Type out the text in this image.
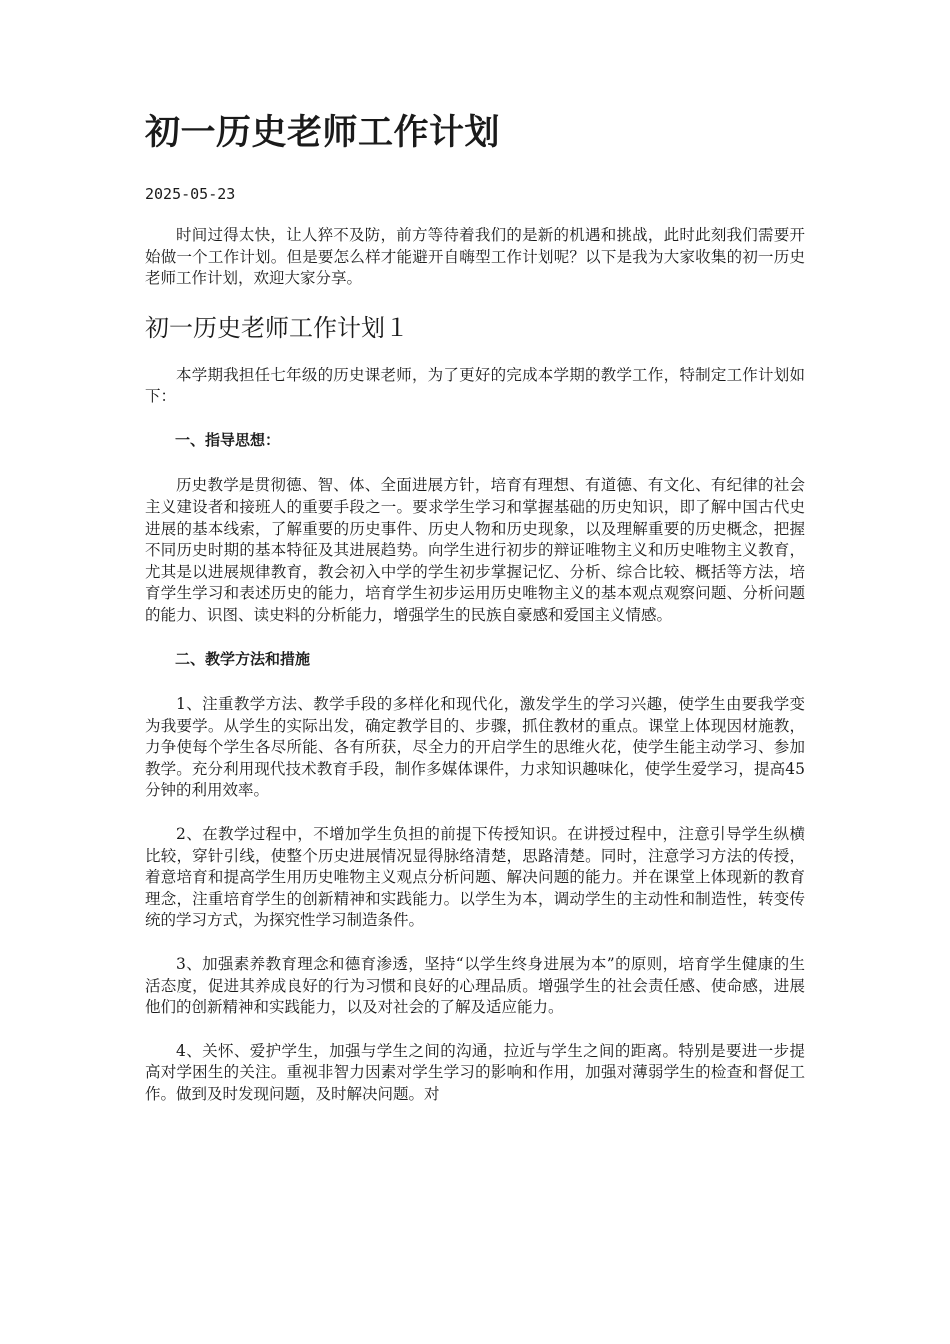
初一历史老师工作计划
2025-05-23

时间过得太快，让人猝不及防，前方等待着我们的是新的机遇和挑战，此时此刻我们需要开始做一个工作计划。但是要怎么样才能避开自嗨型工作计划呢？以下是我为大家收集的初一历史老师工作计划，欢迎大家分享。

初一历史老师工作计划１

本学期我担任七年级的历史课老师，为了更好的完成本学期的教学工作，特制定工作计划如下：

一、指导思想：

历史教学是贯彻德、智、体、全面进展方针，培育有理想、有道德、有文化、有纪律的社会主义建设者和接班人的重要手段之一。要求学生学习和掌握基础的历史知识，即了解中国古代史进展的基本线索，了解重要的历史事件、历史人物和历史现象，以及理解重要的历史概念，把握不同历史时期的基本特征及其进展趋势。向学生进行初步的辩证唯物主义和历史唯物主义教育，尤其是以进展规律教育，教会初入中学的学生初步掌握记忆、分析、综合比较、概括等方法，培育学生学习和表述历史的能力，培育学生初步运用历史唯物主义的基本观点观察问题、分析问题的能力、识图、读史料的分析能力，增强学生的民族自豪感和爱国主义情感。

二、教学方法和措施

1、注重教学方法、教学手段的多样化和现代化，激发学生的学习兴趣，使学生由要我学变为我要学。从学生的实际出发，确定教学目的、步骤，抓住教材的重点。课堂上体现因材施教，力争使每个学生各尽所能、各有所获，尽全力的开启学生的思维火花，使学生能主动学习、参加教学。充分利用现代技术教育手段，制作多媒体课件，力求知识趣味化，使学生爱学习，提高45分钟的利用效率。

2、在教学过程中，不增加学生负担的前提下传授知识。在讲授过程中，注意引导学生纵横比较，穿针引线，使整个历史进展情况显得脉络清楚，思路清楚。同时，注意学习方法的传授，着意培育和提高学生用历史唯物主义观点分析问题、解决问题的能力。并在课堂上体现新的教育理念，注重培育学生的创新精神和实践能力。以学生为本，调动学生的主动性和制造性，转变传统的学习方式，为探究性学习制造条件。

3、加强素养教育理念和德育渗透，坚持“以学生终身进展为本”的原则，培育学生健康的生活态度，促进其养成良好的行为习惯和良好的心理品质。增强学生的社会责任感、使命感，进展他们的创新精神和实践能力，以及对社会的了解及适应能力。

4、关怀、爱护学生，加强与学生之间的沟通，拉近与学生之间的距离。特别是要进一步提高对学困生的关注。重视非智力因素对学生学习的影响和作用，加强对薄弱学生的检查和督促工作。做到及时发现问题，及时解决问题。对
